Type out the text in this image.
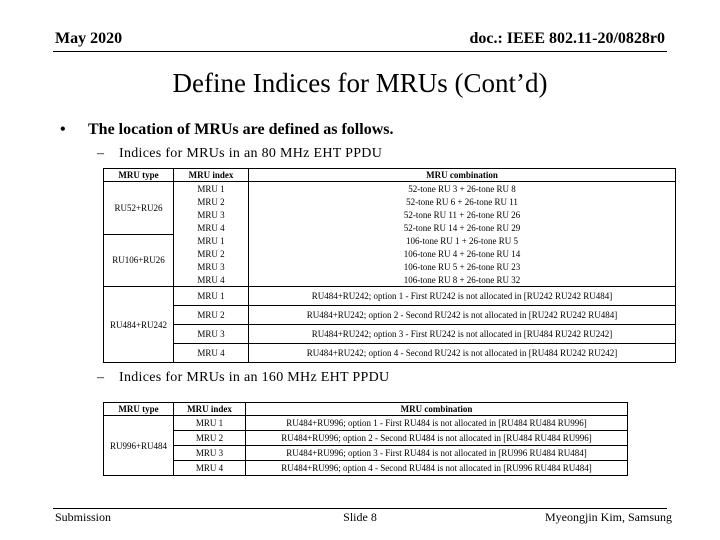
May 2020	doc.: IEEE 802.11-20/0828r0
Define Indices for MRUs (Cont’d)
• The location of MRUs are defined as follows.
– Indices for MRUs in an 80 MHz EHT PPDU
MRU type	MRU index	MRU combination
RU52+RU26	MRU 1	52-tone RU 3 + 26-tone RU 8
	MRU 2	52-tone RU 6 + 26-tone RU 11
	MRU 3	52-tone RU 11 + 26-tone RU 26
	MRU 4	52-tone RU 14 + 26-tone RU 29
RU106+RU26	MRU 1	106-tone RU 1 + 26-tone RU 5
	MRU 2	106-tone RU 4 + 26-tone RU 14
	MRU 3	106-tone RU 5 + 26-tone RU 23
	MRU 4	106-tone RU 8 + 26-tone RU 32
RU484+RU242	MRU 1	RU484+RU242; option 1 - First RU242 is not allocated in [RU242 RU242 RU484]
	MRU 2	RU484+RU242; option 2 - Second RU242 is not allocated in [RU242 RU242 RU484]
	MRU 3	RU484+RU242; option 3 - First RU242 is not allocated in [RU484 RU242 RU242]
	MRU 4	RU484+RU242; option 4 - Second RU242 is not allocated in [RU484 RU242 RU242]
– Indices for MRUs in an 160 MHz EHT PPDU
MRU type	MRU index	MRU combination
RU996+RU484	MRU 1	RU484+RU996; option 1 - First RU484 is not allocated in [RU484 RU484 RU996]
	MRU 2	RU484+RU996; option 2 - Second RU484 is not allocated in [RU484 RU484 RU996]
	MRU 3	RU484+RU996; option 3 - First RU484 is not allocated in [RU996 RU484 RU484]
	MRU 4	RU484+RU996; option 4 - Second RU484 is not allocated in [RU996 RU484 RU484]
Submission	Slide 8	Myeongjin Kim, Samsung
